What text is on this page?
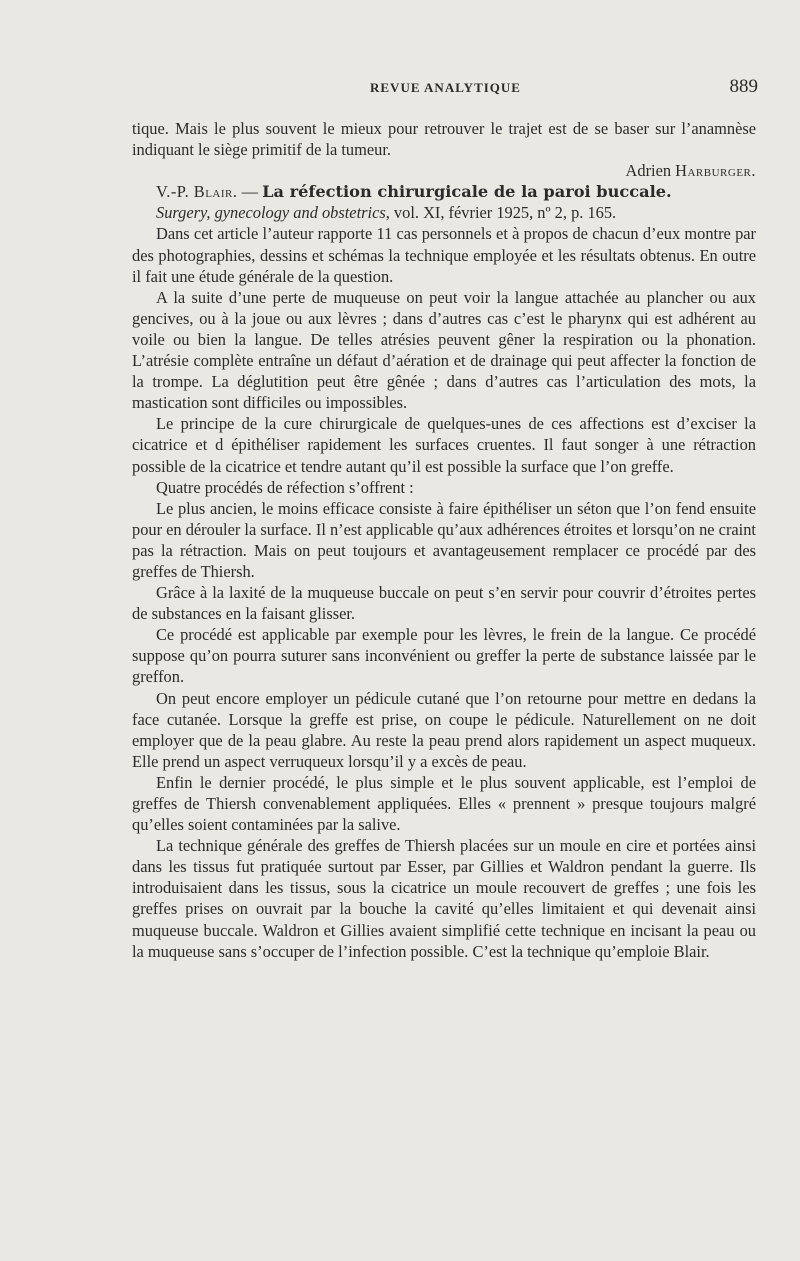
REVUE ANALYTIQUE	889

tique. Mais le plus souvent le mieux pour retrouver le trajet est de se baser sur l’anamnèse indiquant le siège primitif de la tumeur.

Adrien Harburger.

V.-P. Blair. — La réfection chirurgicale de la paroi buccale.

Surgery, gynecology and obstetrics, vol. XI, février 1925, nº 2, p. 165.

Dans cet article l’auteur rapporte 11 cas personnels et à propos de chacun d’eux montre par des photographies, dessins et schémas la technique employée et les résultats obtenus. En outre il fait une étude générale de la question.

A la suite d’une perte de muqueuse on peut voir la langue attachée au plancher ou aux gencives, ou à la joue ou aux lèvres ; dans d’autres cas c’est le pharynx qui est adhérent au voile ou bien la langue. De telles atrésies peuvent gêner la respiration ou la phonation. L’atrésie complète entraîne un défaut d’aération et de drainage qui peut affecter la fonction de la trompe. La déglutition peut être gênée ; dans d’autres cas l’articulation des mots, la mastication sont difficiles ou impossibles.

Le principe de la cure chirurgicale de quelques-unes de ces affections est d’exciser la cicatrice et d épithéliser rapidement les surfaces cruentes. Il faut songer à une rétraction possible de la cicatrice et tendre autant qu’il est possible la surface que l’on greffe.

Quatre procédés de réfection s’offrent :

Le plus ancien, le moins efficace consiste à faire épithéliser un séton que l’on fend ensuite pour en dérouler la surface. Il n’est applicable qu’aux adhérences étroites et lorsqu’on ne craint pas la rétraction. Mais on peut toujours et avantageusement remplacer ce procédé par des greffes de Thiersh.

Grâce à la laxité de la muqueuse buccale on peut s’en servir pour couvrir d’étroites pertes de substances en la faisant glisser.

Ce procédé est applicable par exemple pour les lèvres, le frein de la langue. Ce procédé suppose qu’on pourra suturer sans inconvénient ou greffer la perte de substance laissée par le greffon.

On peut encore employer un pédicule cutané que l’on retourne pour mettre en dedans la face cutanée. Lorsque la greffe est prise, on coupe le pédicule. Naturellement on ne doit employer que de la peau glabre. Au reste la peau prend alors rapidement un aspect muqueux. Elle prend un aspect verruqueux lorsqu’il y a excès de peau.

Enfin le dernier procédé, le plus simple et le plus souvent applicable, est l’emploi de greffes de Thiersh convenablement appliquées. Elles « prennent » presque toujours malgré qu’elles soient contaminées par la salive.

La technique générale des greffes de Thiersh placées sur un moule en cire et portées ainsi dans les tissus fut pratiquée surtout par Esser, par Gillies et Waldron pendant la guerre. Ils introduisaient dans les tissus, sous la cicatrice un moule recouvert de greffes ; une fois les greffes prises on ouvrait par la bouche la cavité qu’elles limitaient et qui devenait ainsi muqueuse buccale. Waldron et Gillies avaient simplifié cette technique en incisant la peau ou la muqueuse sans s’occuper de l’infection possible. C’est la technique qu’emploie Blair.
